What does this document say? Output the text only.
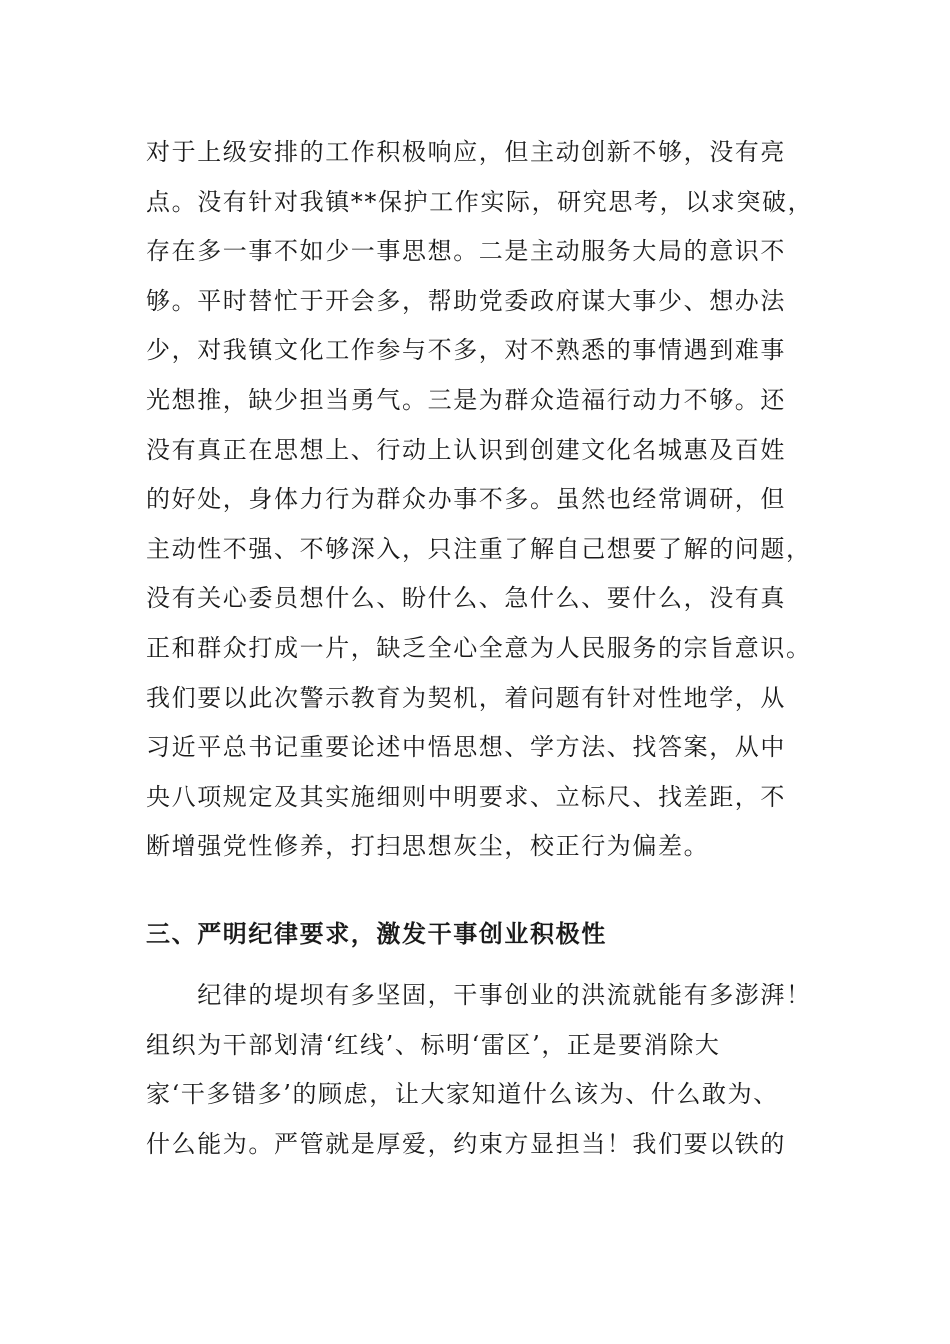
对于上级安排的工作积极响应，但主动创新不够，没有亮
点。没有针对我镇**保护工作实际，研究思考，以求突破，
存在多一事不如少一事思想。二是主动服务大局的意识不
够。平时替忙于开会多，帮助党委政府谋大事少、想办法
少，对我镇文化工作参与不多，对不熟悉的事情遇到难事
光想推，缺少担当勇气。三是为群众造福行动力不够。还
没有真正在思想上、行动上认识到创建文化名城惠及百姓
的好处，身体力行为群众办事不多。虽然也经常调研，但
主动性不强、不够深入，只注重了解自己想要了解的问题，
没有关心委员想什么、盼什么、急什么、要什么，没有真
正和群众打成一片，缺乏全心全意为人民服务的宗旨意识。
我们要以此次警示教育为契机，着问题有针对性地学，从
习近平总书记重要论述中悟思想、学方法、找答案，从中
央八项规定及其实施细则中明要求、立标尺、找差距，不
断增强党性修养，打扫思想灰尘，校正行为偏差。
三、严明纪律要求，激发干事创业积极性
　　纪律的堤坝有多坚固，干事创业的洪流就能有多澎湃！
组织为干部划清‘红线’、标明‘雷区’，正是要消除大
家‘干多错多’的顾虑，让大家知道什么该为、什么敢为、
什么能为。严管就是厚爱，约束方显担当！我们要以铁的
